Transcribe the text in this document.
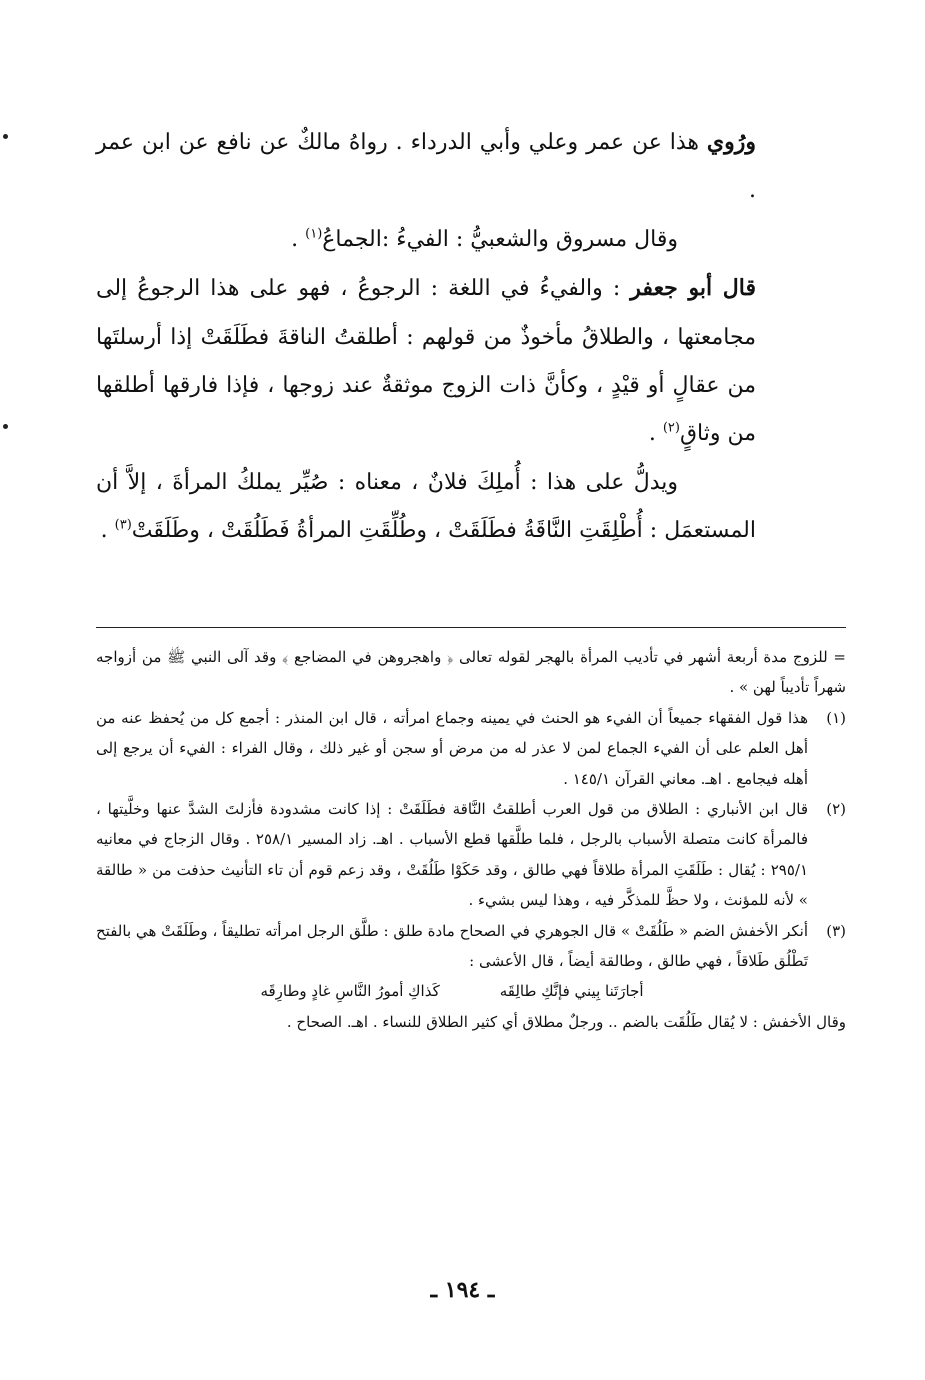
ورُوي هذا عن عمر وعلي وأبي الدرداء . رواهُ مالكٌ عن نافع عن ابن عمر .

وقال مسروق والشعبيُّ : الفيءُ :الجماعُ$^{(١)}$ .

قال أبو جعفر : والفيءُ في اللغة : الرجوعُ ، فهو على هذا الرجوعُ إلى مجامعتها ، والطلاقُ مأخوذٌ من قولهم : أطلقتُ الناقةَ فطَلَقَتْ إذا أرسلتَها من عقالٍ أو قيْدٍ ، وكأنَّ ذات الزوج موثقةٌ عند زوجها ، فإذا فارقها أطلقها من وثاقٍ$^{(٢)}$ .

ويدلُّ على هذا : أُملِكَ فلانٌ ، معناه : صُيِّر يملكُ المرأةَ ، إلاَّ أن المستعمَل : أُطْلِقَتِ النَّاقَةُ فطَلَقَتْ ، وطُلِّقَتِ المرأةُ فَطَلُقَتْ ، وطَلَقَتْ$^{(٣)}$ .

= للزوج مدة أربعة أشهر في تأديب المرأة بالهجر لقوله تعالى ﴿ واهجروهن في المضاجع ﴾ وقد آلى النبي ﷺ من أزواجه شهراً تأديباً لهن » .

(١)

هذا قول الفقهاء جميعاً أن الفيء هو الحنث في يمينه وجماع امرأته ، قال ابن المنذر : أجمع كل من يُحفظ عنه من أهل العلم على أن الفيء الجماع لمن لا عذر له من مرض أو سجن أو غير ذلك ، وقال الفراء : الفيء أن يرجع إلى أهله فيجامع . اهـ. معاني القرآن ١٤٥/١ .

(٢)

قال ابن الأنباري : الطلاق من قول العرب أطلقتُ النَّاقة فطَلَقَتْ : إذا كانت مشدودة فأزلتَ الشدَّ عنها وخلَّيتها ، فالمرأة كانت متصلة الأسباب بالرجل ، فلما طلَّقها قطع الأسباب . اهـ. زاد المسير ٢٥٨/١ . وقال الزجاج في معانيه ٢٩٥/١ : يُقال : طَلَقَتِ المرأة طلاقاً فهي طالق ، وقد حَكَوْا طَلُقَتْ ، وقد زعم قوم أن تاء التأنيث حذفت من « طالقة » لأنه للمؤنث ، ولا حظَّ للمذكَّر فيه ، وهذا ليس بشيء .

(٣)

أنكر الأخفش الضم « طَلُقَتْ » قال الجوهري في الصحاح مادة طلق : طلَّق الرجل امرأته تطليقاً ، وطَلَقَتْ هي بالفتح تَطْلُق طَلاقاً ، فهي طالق ، وطالقة أيضاً ، قال الأعشى :

أجارَتَنا بِيني فإنَّكِ طالِقَه
كَذاكِ أمورُ النَّاسِ غادٍ وطارِقَه

وقال الأخفش : لا يُقال طَلُقَت بالضم .. ورجلٌ مطلاق أي كثير الطلاق للنساء . اهـ. الصحاح .

ـ ١٩٤ ـ
